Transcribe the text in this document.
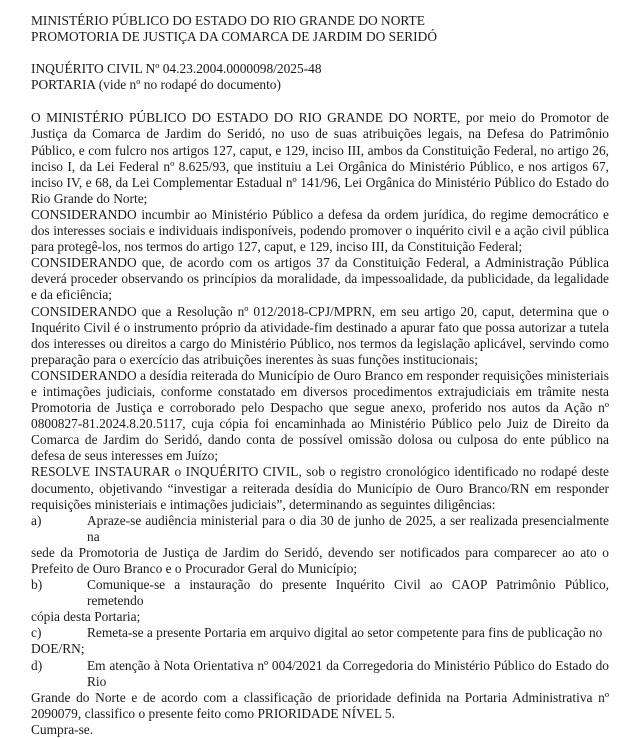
MINISTÉRIO PÚBLICO DO ESTADO DO RIO GRANDE DO NORTE
PROMOTORIA DE JUSTIÇA DA COMARCA DE JARDIM DO SERIDÓ
INQUÉRITO CIVIL Nº 04.23.2004.0000098/2025-48
PORTARIA (vide nº no rodapé do documento)

O MINISTÉRIO PÚBLICO DO ESTADO DO RIO GRANDE DO NORTE, por meio do Promotor de Justiça da Comarca de Jardim do Seridó, no uso de suas atribuições legais, na Defesa do Patrimônio Público, e com fulcro nos artigos 127, caput, e 129, inciso III, ambos da Constituição Federal, no artigo 26, inciso I, da Lei Federal nº 8.625/93, que instituiu a Lei Orgânica do Ministério Público, e nos artigos 67, inciso IV, e 68, da Lei Complementar Estadual nº 141/96, Lei Orgânica do Ministério Público do Estado do Rio Grande do Norte;

CONSIDERANDO incumbir ao Ministério Público a defesa da ordem jurídica, do regime democrático e dos interesses sociais e individuais indisponíveis, podendo promover o inquérito civil e a ação civil pública para protegê-los, nos termos do artigo 127, caput, e 129, inciso III, da Constituição Federal;

CONSIDERANDO que, de acordo com os artigos 37 da Constituição Federal, a Administração Pública deverá proceder observando os princípios da moralidade, da impessoalidade, da publicidade, da legalidade e da eficiência;

CONSIDERANDO que a Resolução nº 012/2018-CPJ/MPRN, em seu artigo 20, caput, determina que o Inquérito Civil é o instrumento próprio da atividade-fim destinado a apurar fato que possa autorizar a tutela dos interesses ou direitos a cargo do Ministério Público, nos termos da legislação aplicável, servindo como preparação para o exercício das atribuições inerentes às suas funções institucionais;

CONSIDERANDO a desídia reiterada do Município de Ouro Branco em responder requisições ministeriais e intimações judiciais, conforme constatado em diversos procedimentos extrajudiciais em trâmite nesta Promotoria de Justiça e corroborado pelo Despacho que segue anexo, proferido nos autos da Ação nº 0800827-81.2024.8.20.5117, cuja cópia foi encaminhada ao Ministério Público pelo Juiz de Direito da Comarca de Jardim do Seridó, dando conta de possível omissão dolosa ou culposa do ente público na defesa de seus interesses em Juízo;

RESOLVE INSTAURAR o INQUÉRITO CIVIL, sob o registro cronológico identificado no rodapé deste documento, objetivando “investigar a reiterada desídia do Município de Ouro Branco/RN em responder requisições ministeriais e intimações judiciais”, determinando as seguintes diligências:

a)	Apraze-se audiência ministerial para o dia 30 de junho de 2025, a ser realizada presencialmente na
sede da Promotoria de Justiça de Jardim do Seridó, devendo ser notificados para comparecer ao ato o Prefeito de Ouro Branco e o Procurador Geral do Município;
b)	Comunique-se a instauração do presente Inquérito Civil ao CAOP Patrimônio Público, remetendo
cópia desta Portaria;
c)	Remeta-se a presente Portaria em arquivo digital ao setor competente para fins de publicação no
DOE/RN;
d)	Em atenção à Nota Orientativa nº 004/2021 da Corregedoria do Ministério Público do Estado do Rio
Grande do Norte e de acordo com a classificação de prioridade definida na Portaria Administrativa nº 2090079, classifico o presente feito como PRIORIDADE NÍVEL 5.

Cumpra-se.
